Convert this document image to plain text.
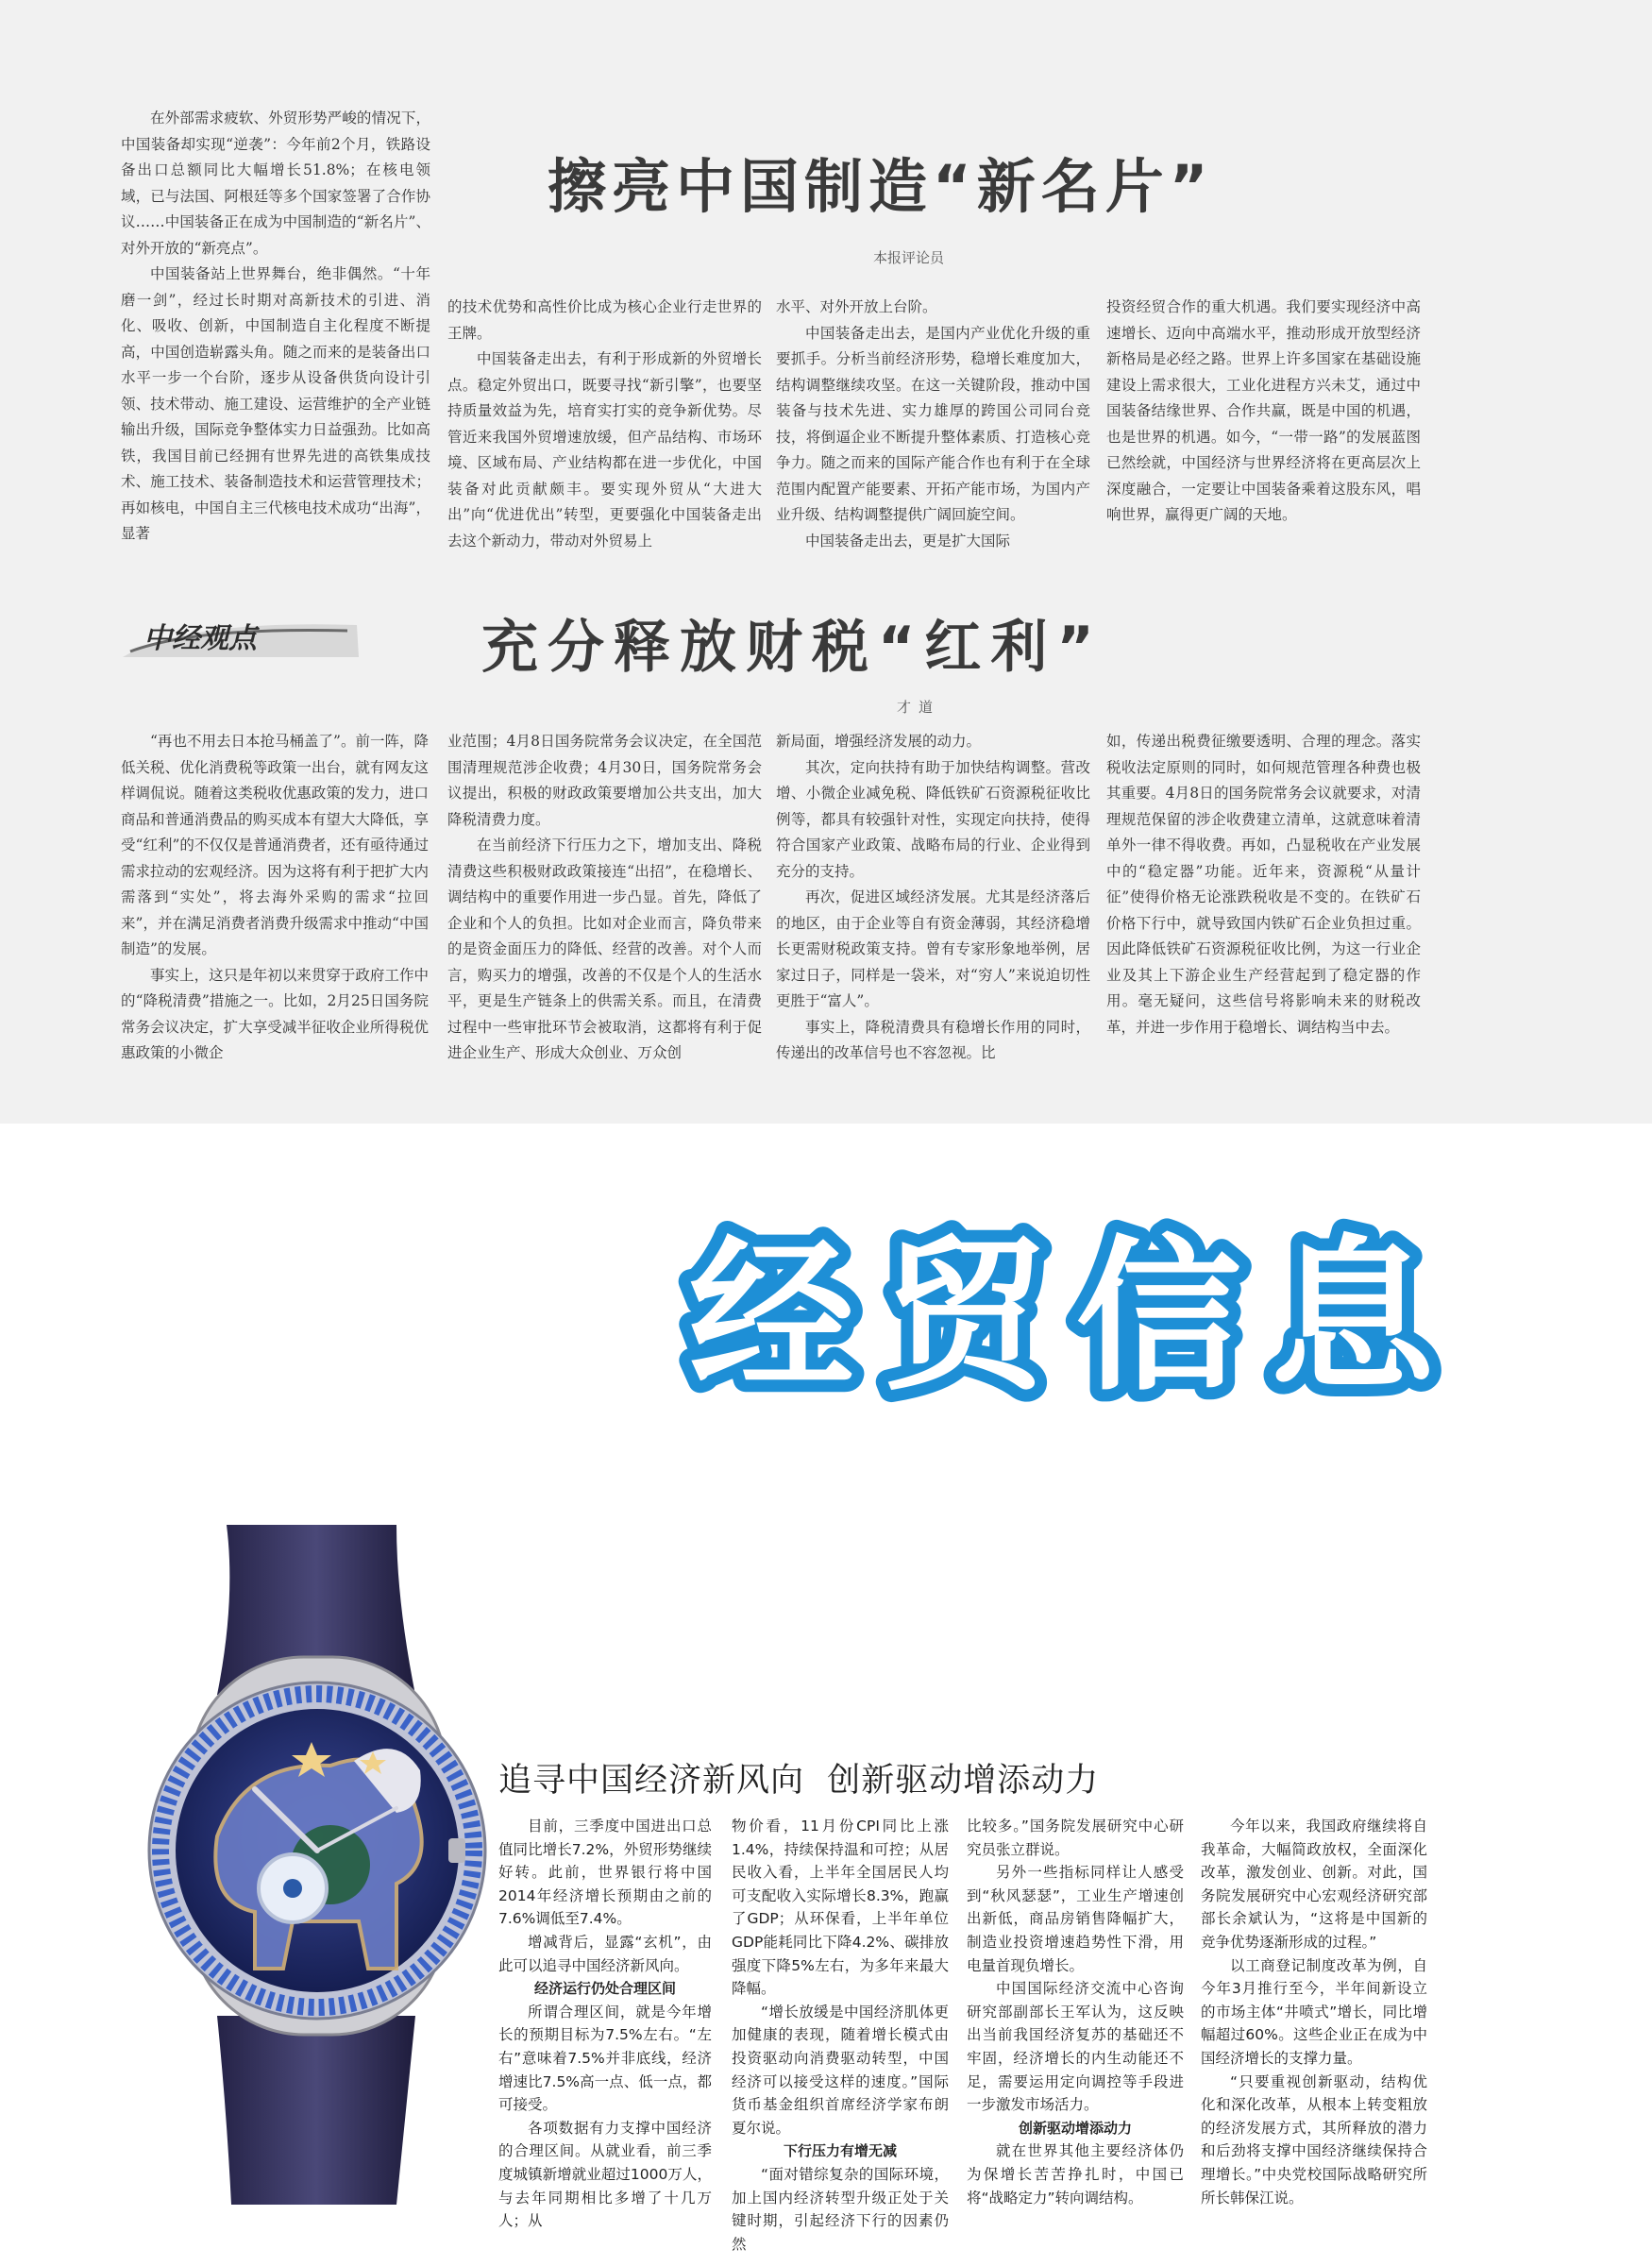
擦亮中国制造“新名片”
本报评论员

在外部需求疲软、外贸形势严峻的情况下，中国装备却实现“逆袭”：今年前2个月，铁路设备出口总额同比大幅增长51.8%；在核电领域，已与法国、阿根廷等多个国家签署了合作协议……中国装备正在成为中国制造的“新名片”、对外开放的“新亮点”。

中国装备站上世界舞台，绝非偶然。“十年磨一剑”，经过长时期对高新技术的引进、消化、吸收、创新，中国制造自主化程度不断提高，中国创造崭露头角。随之而来的是装备出口水平一步一个台阶，逐步从设备供货向设计引领、技术带动、施工建设、运营维护的全产业链输出升级，国际竞争整体实力日益强劲。比如高铁，我国目前已经拥有世界先进的高铁集成技术、施工技术、装备制造技术和运营管理技术；再如核电，中国自主三代核电技术成功“出海”，显著

的技术优势和高性价比成为核心企业行走世界的王牌。

中国装备走出去，有利于形成新的外贸增长点。稳定外贸出口，既要寻找“新引擎”，也要坚持质量效益为先，培育实打实的竞争新优势。尽管近来我国外贸增速放缓，但产品结构、市场环境、区域布局、产业结构都在进一步优化，中国装备对此贡献颇丰。要实现外贸从“大进大出”向“优进优出”转型，更要强化中国装备走出去这个新动力，带动对外贸易上

水平、对外开放上台阶。

中国装备走出去，是国内产业优化升级的重要抓手。分析当前经济形势，稳增长难度加大，结构调整继续攻坚。在这一关键阶段，推动中国装备与技术先进、实力雄厚的跨国公司同台竞技，将倒逼企业不断提升整体素质、打造核心竞争力。随之而来的国际产能合作也有利于在全球范围内配置产能要素、开拓产能市场，为国内产业升级、结构调整提供广阔回旋空间。

中国装备走出去，更是扩大国际

投资经贸合作的重大机遇。我们要实现经济中高速增长、迈向中高端水平，推动形成开放型经济新格局是必经之路。世界上许多国家在基础设施建设上需求很大，工业化进程方兴未艾，通过中国装备结缘世界、合作共赢，既是中国的机遇，也是世界的机遇。如今，“一带一路”的发展蓝图已然绘就，中国经济与世界经济将在更高层次上深度融合，一定要让中国装备乘着这股东风，唱响世界，赢得更广阔的天地。

中经观点	充分释放财税“红利”
才道

“再也不用去日本抢马桶盖了”。前一阵，降低关税、优化消费税等政策一出台，就有网友这样调侃说。随着这类税收优惠政策的发力，进口商品和普通消费品的购买成本有望大大降低，享受“红利”的不仅仅是普通消费者，还有亟待通过需求拉动的宏观经济。因为这将有利于把扩大内需落到“实处”，将去海外采购的需求“拉回来”，并在满足消费者消费升级需求中推动“中国制造”的发展。

事实上，这只是年初以来贯穿于政府工作中的“降税清费”措施之一。比如，2月25日国务院常务会议决定，扩大享受减半征收企业所得税优惠政策的小微企

业范围；4月8日国务院常务会议决定，在全国范围清理规范涉企收费；4月30日，国务院常务会议提出，积极的财政政策要增加公共支出，加大降税清费力度。

在当前经济下行压力之下，增加支出、降税清费这些积极财政政策接连“出招”，在稳增长、调结构中的重要作用进一步凸显。首先，降低了企业和个人的负担。比如对企业而言，降负带来的是资金面压力的降低、经营的改善。对个人而言，购买力的增强，改善的不仅是个人的生活水平，更是生产链条上的供需关系。而且，在清费过程中一些审批环节会被取消，这都将有利于促进企业生产、形成大众创业、万众创

新局面，增强经济发展的动力。

其次，定向扶持有助于加快结构调整。营改增、小微企业减免税、降低铁矿石资源税征收比例等，都具有较强针对性，实现定向扶持，使得符合国家产业政策、战略布局的行业、企业得到充分的支持。

再次，促进区域经济发展。尤其是经济落后的地区，由于企业等自有资金薄弱，其经济稳增长更需财税政策支持。曾有专家形象地举例，居家过日子，同样是一袋米，对“穷人”来说迫切性更胜于“富人”。

事实上，降税清费具有稳增长作用的同时，传递出的改革信号也不容忽视。比

如，传递出税费征缴要透明、合理的理念。落实税收法定原则的同时，如何规范管理各种费也极其重要。4月8日的国务院常务会议就要求，对清理规范保留的涉企收费建立清单，这就意味着清单外一律不得收费。再如，凸显税收在产业发展中的“稳定器”功能。近年来，资源税“从量计征”使得价格无论涨跌税收是不变的。在铁矿石价格下行中，就导致国内铁矿石企业负担过重。因此降低铁矿石资源税征收比例，为这一行业企业及其上下游企业生产经营起到了稳定器的作用。毫无疑问，这些信号将影响未来的财税改革，并进一步作用于稳增长、调结构当中去。

经贸信息
追寻中国经济新风向  创新驱动增添动力

目前，三季度中国进出口总值同比增长7.2%，外贸形势继续好转。此前，世界银行将中国2014年经济增长预期由之前的7.6%调低至7.4%。

增减背后，显露“玄机”，由此可以追寻中国经济新风向。

经济运行仍处合理区间

所谓合理区间，就是今年增长的预期目标为7.5%左右。“左右”意味着7.5%并非底线，经济增速比7.5%高一点、低一点，都可接受。

各项数据有力支撑中国经济的合理区间。从就业看，前三季度城镇新增就业超过1000万人，与去年同期相比多增了十几万人；从

物价看，11月份CPI同比上涨1.4%，持续保持温和可控；从居民收入看，上半年全国居民人均可支配收入实际增长8.3%，跑赢了GDP；从环保看，上半年单位GDP能耗同比下降4.2%、碳排放强度下降5%左右，为多年来最大降幅。

“增长放缓是中国经济肌体更加健康的表现，随着增长模式由投资驱动向消费驱动转型，中国经济可以接受这样的速度。”国际货币基金组织首席经济学家布朗夏尔说。

下行压力有增无减

“面对错综复杂的国际环境，加上国内经济转型升级正处于关键时期，引起经济下行的因素仍然

比较多。”国务院发展研究中心研究员张立群说。

另外一些指标同样让人感受到“秋风瑟瑟”，工业生产增速创出新低，商品房销售降幅扩大，制造业投资增速趋势性下滑，用电量首现负增长。

中国国际经济交流中心咨询研究部副部长王军认为，这反映出当前我国经济复苏的基础还不牢固，经济增长的内生动能还不足，需要运用定向调控等手段进一步激发市场活力。

创新驱动增添动力

就在世界其他主要经济体仍为保增长苦苦挣扎时，中国已将“战略定力”转向调结构。

今年以来，我国政府继续将自我革命，大幅简政放权，全面深化改革，激发创业、创新。对此，国务院发展研究中心宏观经济研究部部长余斌认为，“这将是中国新的竞争优势逐渐形成的过程。”

以工商登记制度改革为例，自今年3月推行至今，半年间新设立的市场主体“井喷式”增长，同比增幅超过60%。这些企业正在成为中国经济增长的支撑力量。

“只要重视创新驱动，结构优化和深化改革，从根本上转变粗放的经济发展方式，其所释放的潜力和后劲将支撑中国经济继续保持合理增长。”中央党校国际战略研究所所长韩保江说。
